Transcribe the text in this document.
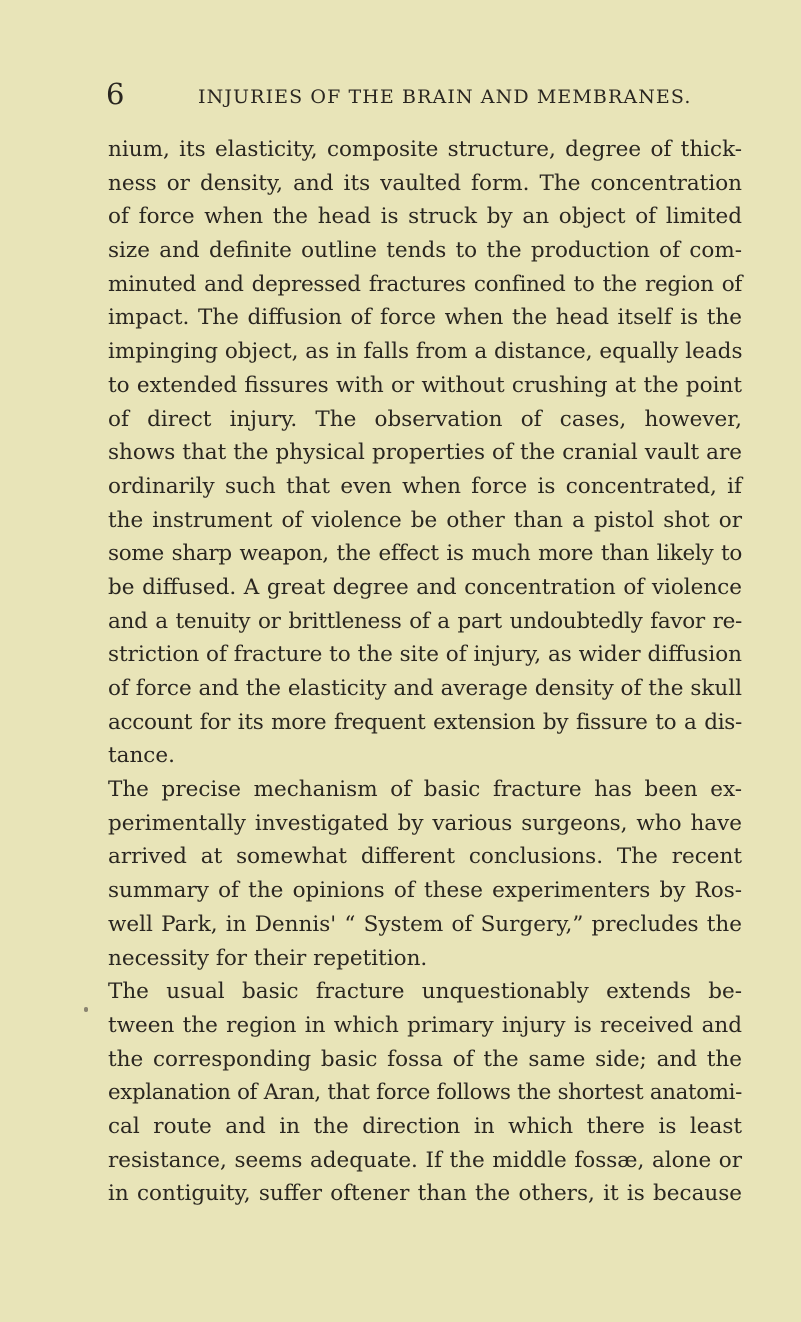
6	INJURIES OF THE BRAIN AND MEMBRANES.
nium, its elasticity, composite structure, degree of thick-
ness or density, and its vaulted form. The concentration
of force when the head is struck by an object of limited
size and definite outline tends to the production of com-
minuted and depressed fractures confined to the region of
impact. The diffusion of force when the head itself is the
impinging object, as in falls from a distance, equally leads
to extended fissures with or without crushing at the point
of direct injury. The observation of cases, however,
shows that the physical properties of the cranial vault are
ordinarily such that even when force is concentrated, if
the instrument of violence be other than a pistol shot or
some sharp weapon, the effect is much more than likely to
be diffused. A great degree and concentration of violence
and a tenuity or brittleness of a part undoubtedly favor re-
striction of fracture to the site of injury, as wider diffusion
of force and the elasticity and average density of the skull
account for its more frequent extension by fissure to a dis-
tance.
The precise mechanism of basic fracture has been ex-
perimentally investigated by various surgeons, who have
arrived at somewhat different conclusions. The recent
summary of the opinions of these experimenters by Ros-
well Park, in Dennis' “ System of Surgery,” precludes the
necessity for their repetition.
The usual basic fracture unquestionably extends be-
tween the region in which primary injury is received and
the corresponding basic fossa of the same side; and the
explanation of Aran, that force follows the shortest anatomi-
cal route and in the direction in which there is least
resistance, seems adequate. If the middle fossæ, alone or
in contiguity, suffer oftener than the others, it is because
